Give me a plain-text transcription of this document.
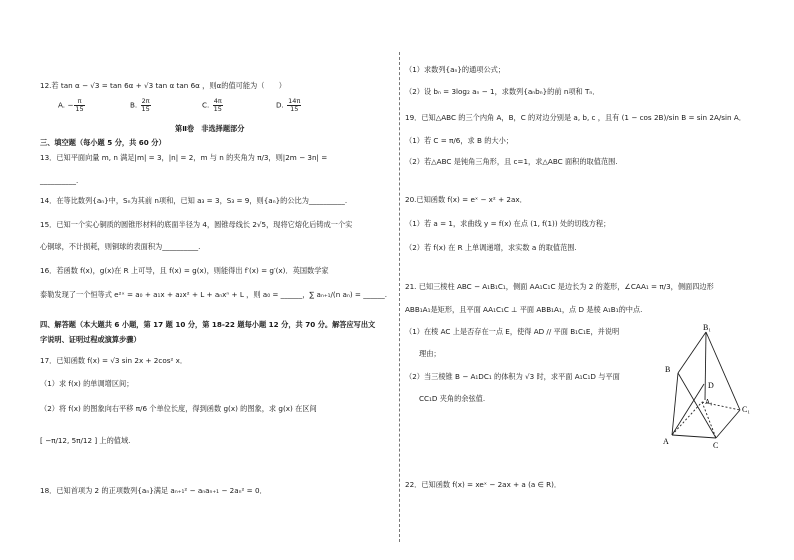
12.若 tan α − √3 = tan 6α + √3 tan α tan 6α ，则α的值可能为（　　）
A. − $\frac{\pi}{15}$	B. $\frac{2\pi}{15}$	C. $\frac{4\pi}{15}$	D. $\frac{14\pi}{15}$
第Ⅱ卷　非选择题部分
三、填空题（每小题 5 分，共 60 分）
13．已知平面向量 m, n 满足|m| = 3，|n| = 2，m 与 n 的夹角为 π/3，则|2m − 3n| =
__________.
14．在等比数列{aₙ}中，Sₙ为其前 n项和，已知 a₃ = 3，S₃ = 9，则{aₙ}的公比为__________.
15．已知一个实心铜质的圆锥形材料的底面半径为 4，圆锥母线长 2√5，现将它熔化后铸成一个实
心铜球，不计损耗，则铜球的表面积为__________.
16．若函数 f(x)，g(x)在 R 上可导，且 f(x) = g(x)，则能得出 f′(x) = g′(x)．英国数学家
泰勒发现了一个恒等式 e²ˣ = a₀ + a₁x + a₂x² + L + aₙxⁿ + L ，则 a₀ = ______，∑ aₙ₊₁/(n aₙ) = ______.
四、解答题（本大题共 6 小题，第 17 题 10 分，第 18-22 题每小题 12 分，共 70 分。解答应写出文
字说明、证明过程或演算步骤）
17．已知函数 f(x) = √3 sin 2x + 2cos² x．
（1）求 f(x) 的单调增区间；
（2）将 f(x) 的图象向右平移 π/6 个单位长度，得到函数 g(x) 的图象，求 g(x) 在区间
[ −π/12, 5π/12 ] 上的值域.
18．已知首项为 2 的正项数列{aₙ}满足 aₙ₊₁² − aₙaₙ₊₁ − 2aₙ² = 0．
（1）求数列{aₙ}的通项公式；
（2）设 bₙ = 3log₂ aₙ − 1，求数列{aₙbₙ}的前 n项和 Tₙ．
19．已知△ABC 的三个内角 A，B，C 的对边分别是 a, b, c ，且有 (1 − cos 2B)/sin B = sin 2A/sin A．
（1）若 C = π/6，求 B 的大小；
（2）若△ABC 是钝角三角形，且 c=1，求△ABC 面积的取值范围.
20.已知函数 f(x) = eˣ − x² + 2ax．
（1）若 a = 1，求曲线 y = f(x) 在点 (1, f(1)) 处的切线方程；
（2）若 f(x) 在 R 上单调递增，求实数 a 的取值范围.
21. 已知三棱柱 ABC − A₁B₁C₁，侧面 AA₁C₁C 是边长为 2 的菱形，∠CAA₁ = π/3，侧面四边形
ABB₁A₁是矩形，且平面 AA₁C₁C ⊥ 平面 ABB₁A₁，点 D 是棱 A₁B₁的中点.
（1）在棱 AC 上是否存在一点 E，使得 AD // 平面 B₁C₁E，并说明
理由；
（2）当三棱锥 B − A₁DC₁ 的体积为 √3 时，求平面 A₁C₁D 与平面
CC₁D 夹角的余弦值.
22．已知函数 f(x) = xeˣ − 2ax + a (a ∈ R)．
B₁
B
D
A₁
C₁
A	C
